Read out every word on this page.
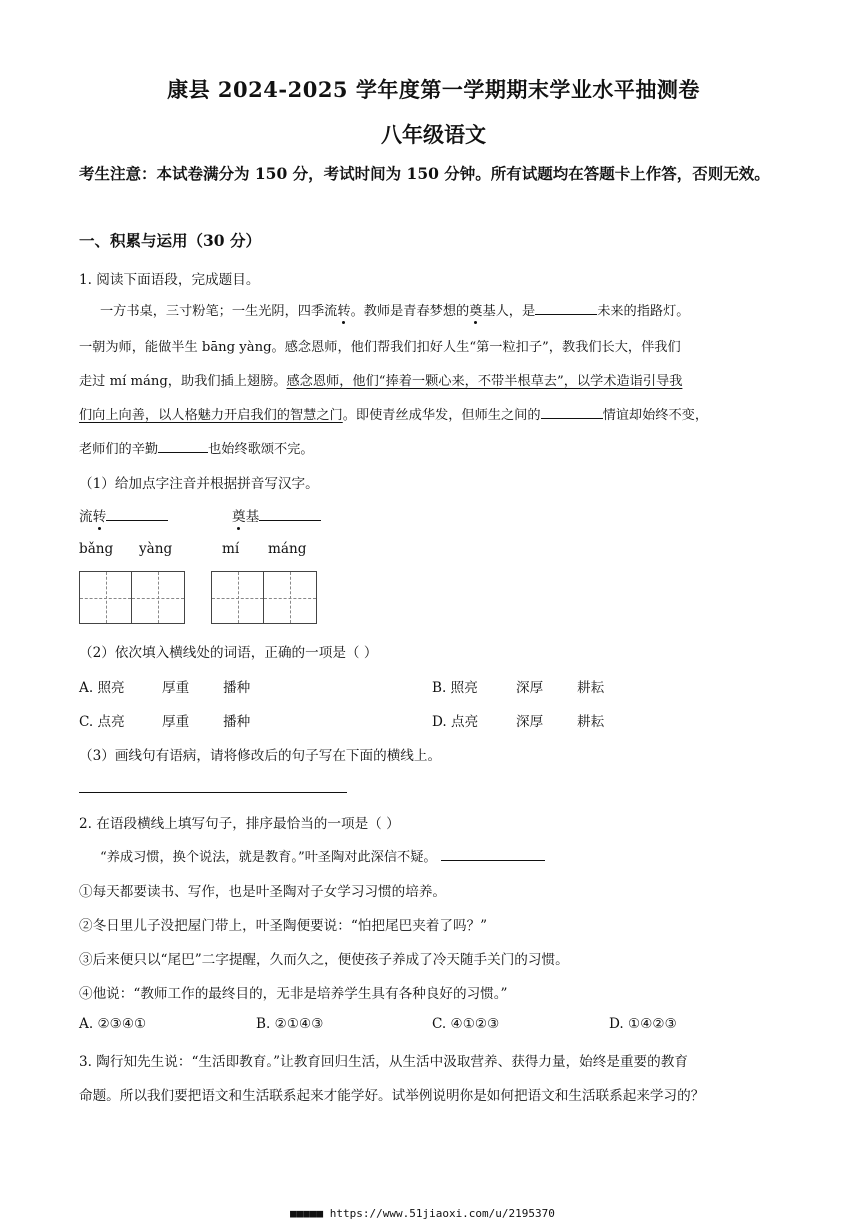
康县 2024-2025 学年度第一学期期末学业水平抽测卷
八年级语文
考生注意：本试卷满分为 150 分，考试时间为 150 分钟。所有试题均在答题卡上作答，否则无效。
一、积累与运用（30 分）
1. 阅读下面语段，完成题目。
一方书桌，三寸粉笔；一生光阴，四季流转。教师是青春梦想的奠基人，是	未来的指路灯。
一朝为师，能做半生 bāng yàng。感念恩师，他们帮我们扣好人生“第一粒扣子”，教我们长大，伴我们
走过 mí máng，助我们插上翅膀。感念恩师，他们“捧着一颗心来，不带半根草去”，以学术造诣引导我
们向上向善，以人格魅力开启我们的智慧之门。即使青丝成华发，但师生之间的	情谊却始终不变，
老师们的辛勤	也始终歌颂不完。
（1）给加点字注音并根据拼音写汉字。
流转	奠基
bǎng yàng	mí máng
（2）依次填入横线处的词语，正确的一项是（ ）
A. 照亮	厚重 播种	B. 照亮	深厚 耕耘
C. 点亮	厚重 播种	D. 点亮	深厚 耕耘
（3）画线句有语病，请将修改后的句子写在下面的横线上。
2. 在语段横线上填写句子，排序最恰当的一项是（ ）
“养成习惯，换个说法，就是教育。”叶圣陶对此深信不疑。
①每天都要读书、写作，也是叶圣陶对子女学习习惯的培养。
②冬日里儿子没把屋门带上，叶圣陶便要说：“怕把尾巴夹着了吗？”
③后来便只以“尾巴”二字提醒，久而久之，便使孩子养成了冷天随手关门的习惯。
④他说：“教师工作的最终目的，无非是培养学生具有各种良好的习惯。”
A. ②③④①	B. ②①④③	C. ④①②③	D. ①④②③
3. 陶行知先生说：“生活即教育。”让教育回归生活，从生活中汲取营养、获得力量，始终是重要的教育
命题。所以我们要把语文和生活联系起来才能学好。试举例说明你是如何把语文和生活联系起来学习的？
■■■■■ https://www.51jiaoxi.com/u/2195370
